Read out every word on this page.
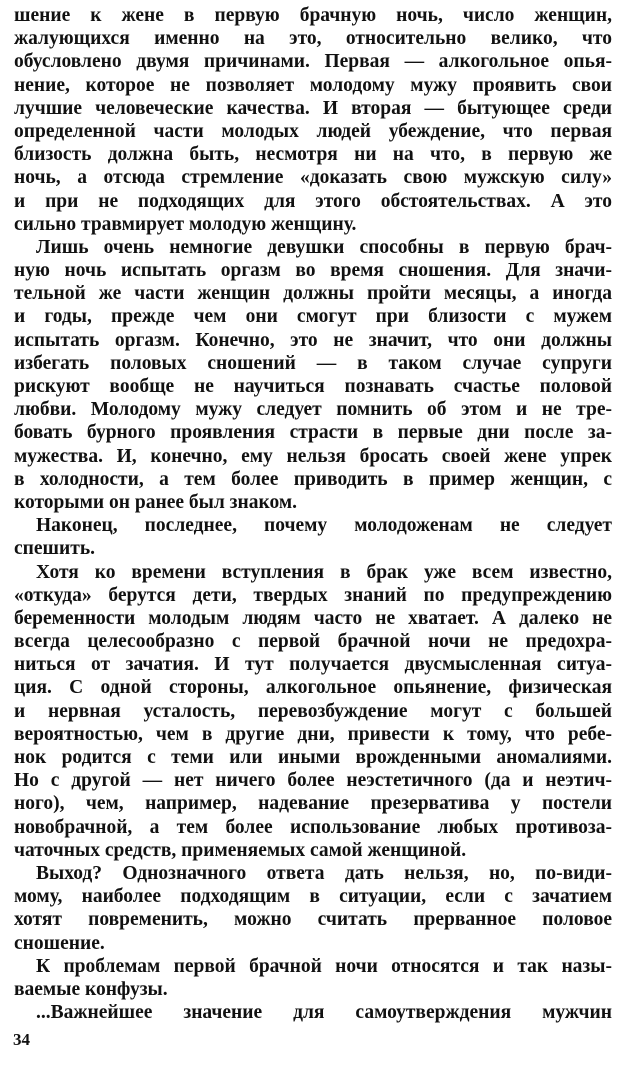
шение к жене в первую брачную ночь, число женщин,
жалующихся именно на это, относительно велико, что
обусловлено двумя причинами. Первая — алкогольное опья-
нение, которое не позволяет молодому мужу проявить свои
лучшие человеческие качества. И вторая — бытующее среди
определенной части молодых людей убеждение, что первая
близость должна быть, несмотря ни на что, в первую же
ночь, а отсюда стремление «доказать свою мужскую силу»
и при не подходящих для этого обстоятельствах. А это
сильно травмирует молодую женщину.
Лишь очень немногие девушки способны в первую брач-
ную ночь испытать оргазм во время сношения. Для значи-
тельной же части женщин должны пройти месяцы, а иногда
и годы, прежде чем они смогут при близости с мужем
испытать оргазм. Конечно, это не значит, что они должны
избегать половых сношений — в таком случае супруги
рискуют вообще не научиться познавать счастье половой
любви. Молодому мужу следует помнить об этом и не тре-
бовать бурного проявления страсти в первые дни после за-
мужества. И, конечно, ему нельзя бросать своей жене упрек
в холодности, а тем более приводить в пример женщин, с
которыми он ранее был знаком.
Наконец, последнее, почему молодоженам не следует
спешить.
Хотя ко времени вступления в брак уже всем известно,
«откуда» берутся дети, твердых знаний по предупреждению
беременности молодым людям часто не хватает. А далеко не
всегда целесообразно с первой брачной ночи не предохра-
ниться от зачатия. И тут получается двусмысленная ситуа-
ция. С одной стороны, алкогольное опьянение, физическая
и нервная усталость, перевозбуждение могут с большей
вероятностью, чем в другие дни, привести к тому, что ребе-
нок родится с теми или иными врожденными аномалиями.
Но с другой — нет ничего более неэстетичного (да и неэтич-
ного), чем, например, надевание презерватива у постели
новобрачной, а тем более использование любых противоза-
чаточных средств, применяемых самой женщиной.
Выход? Однозначного ответа дать нельзя, но, по-види-
мому, наиболее подходящим в ситуации, если с зачатием
хотят повременить, можно считать прерванное половое
сношение.
К проблемам первой брачной ночи относятся и так назы-
ваемые конфузы.
...Важнейшее значение для самоутверждения мужчин
34
